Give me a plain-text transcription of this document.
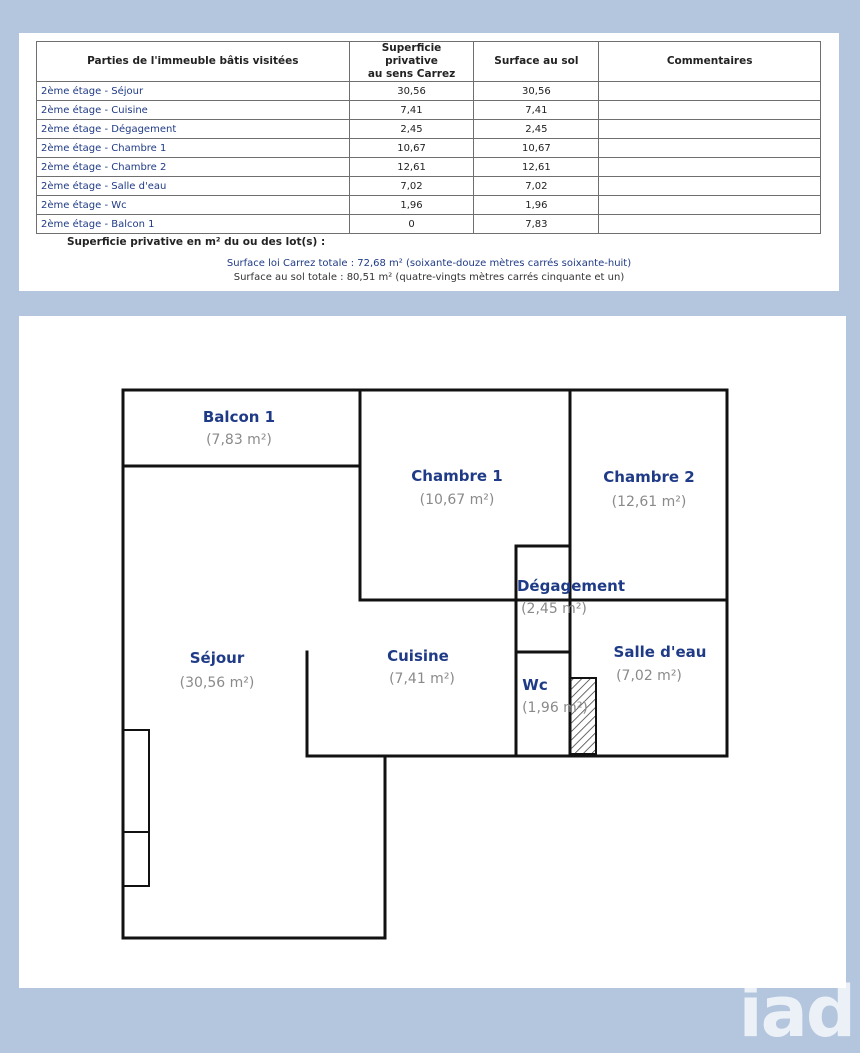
Parties de l'immeuble bâtis visitées	Superficie privative
au sens Carrez	Surface au sol	Commentaires
2ème étage - Séjour	30,56	30,56	
2ème étage - Cuisine	7,41	7,41	
2ème étage - Dégagement	2,45	2,45	
2ème étage - Chambre 1	10,67	10,67	
2ème étage - Chambre 2	12,61	12,61	
2ème étage - Salle d'eau	7,02	7,02	
2ème étage - Wc	1,96	1,96	
2ème étage - Balcon 1	0	7,83	
Superficie privative en m² du ou des lot(s) :
Surface loi Carrez totale : 72,68 m² (soixante-douze mètres carrés soixante-huit)
Surface au sol totale : 80,51 m² (quatre-vingts mètres carrés cinquante et un)
Balcon 1
(7,83 m²)
Chambre 1
(10,67 m²)
Chambre 2
(12,61 m²)
Dégagement
(2,45 m²)
Séjour
(30,56 m²)
Cuisine
(7,41 m²)
Salle d'eau
(7,02 m²)
Wc
(1,96 m²)
iad
